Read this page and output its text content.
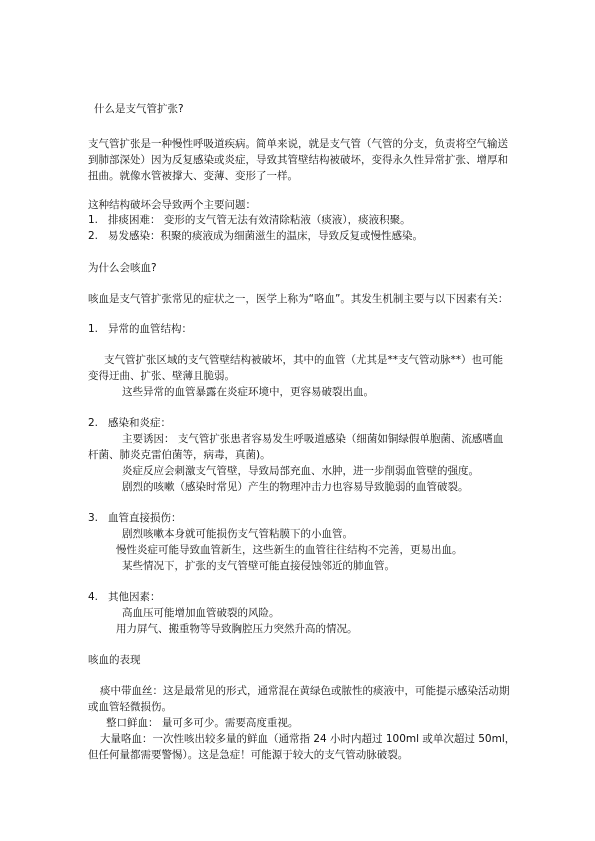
什么是支气管扩张?

支气管扩张是一种慢性呼吸道疾病。简单来说，就是支气管（气管的分支，负责将空气输送

到肺部深处）因为反复感染或炎症，导致其管壁结构被破坏，变得永久性异常扩张、增厚和

扭曲。就像水管被撑大、变薄、变形了一样。

这种结构破坏会导致两个主要问题：

1. 排痰困难： 变形的支气管无法有效清除粘液（痰液），痰液积聚。

2. 易发感染：积聚的痰液成为细菌滋生的温床，导致反复或慢性感染。

为什么会咳血?

咳血是支气管扩张常见的症状之一，医学上称为“咯血”。其发生机制主要与以下因素有关：

1. 异常的血管结构：

支气管扩张区域的支气管壁结构被破坏，其中的血管（尤其是**支气管动脉**）也可能

变得迂曲、扩张、壁薄且脆弱。

这些异常的血管暴露在炎症环境中，更容易破裂出血。

2. 感染和炎症：

主要诱因： 支气管扩张患者容易发生呼吸道感染（细菌如铜绿假单胞菌、流感嗜血

杆菌、肺炎克雷伯菌等，病毒，真菌)。

炎症反应会刺激支气管壁，导致局部充血、水肿，进一步削弱血管壁的强度。

剧烈的咳嗽（感染时常见）产生的物理冲击力也容易导致脆弱的血管破裂。

3. 血管直接损伤：

剧烈咳嗽本身就可能损伤支气管粘膜下的小血管。

慢性炎症可能导致血管新生，这些新生的血管往往结构不完善，更易出血。

某些情况下，扩张的支气管壁可能直接侵蚀邻近的肺血管。

4. 其他因素：

高血压可能增加血管破裂的风险。

用力屏气、搬重物等导致胸腔压力突然升高的情况。

咳血的表现

痰中带血丝：这是最常见的形式，通常混在黄绿色或脓性的痰液中，可能提示感染活动期

或血管轻微损伤。

整口鲜血： 量可多可少。需要高度重视。

大量咯血：一次性咳出较多量的鲜血（通常指 24 小时内超过 100ml 或单次超过 50ml，

但任何量都需要警惕）。这是急症！可能源于较大的支气管动脉破裂。
